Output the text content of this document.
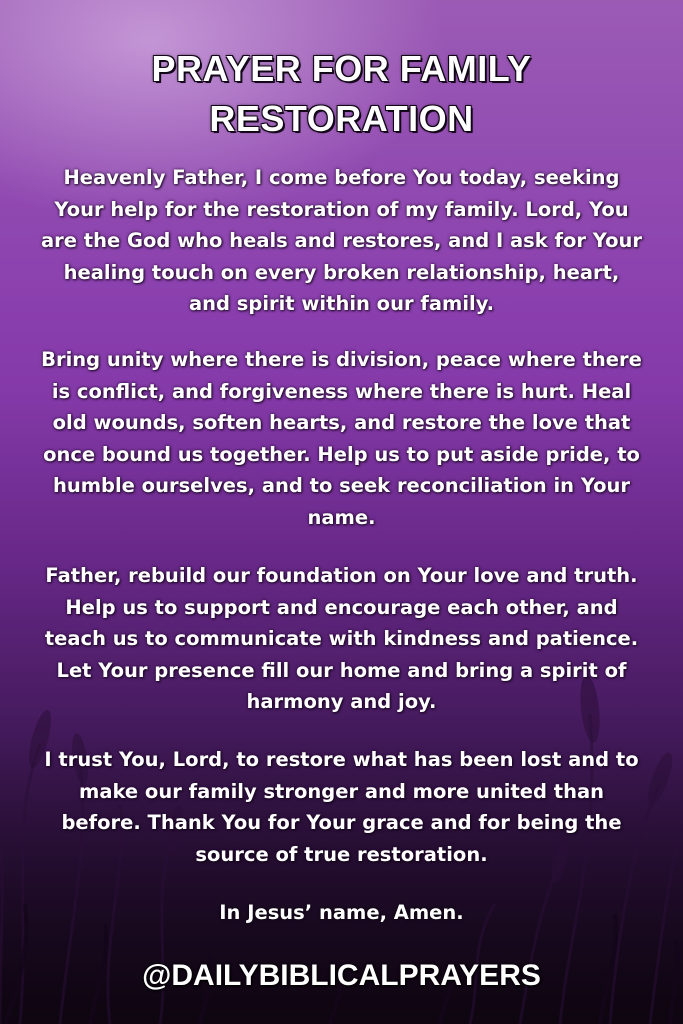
PRAYER FOR FAMILY
RESTORATION

Heavenly Father, I come before You today, seeking Your help for the restoration of my family. Lord, You are the God who heals and restores, and I ask for Your healing touch on every broken relationship, heart, and spirit within our family.

Bring unity where there is division, peace where there is conflict, and forgiveness where there is hurt. Heal old wounds, soften hearts, and restore the love that once bound us together. Help us to put aside pride, to humble ourselves, and to seek reconciliation in Your name.

Father, rebuild our foundation on Your love and truth. Help us to support and encourage each other, and teach us to communicate with kindness and patience. Let Your presence fill our home and bring a spirit of harmony and joy.

I trust You, Lord, to restore what has been lost and to make our family stronger and more united than before. Thank You for Your grace and for being the source of true restoration.

In Jesus’ name, Amen.

@DAILYBIBLICALPRAYERS
